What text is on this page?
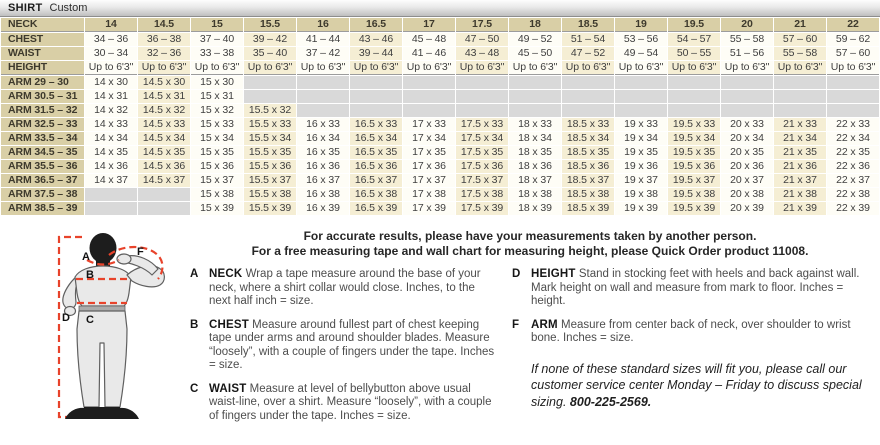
SHIRT Custom
NECK	14	14.5	15	15.5	16	16.5	17	17.5	18	18.5	19	19.5	20	21	22
CHEST	34 – 36	36 – 38	37 – 40	39 – 42	41 – 44	43 – 46	45 – 48	47 – 50	49 – 52	51 – 54	53 – 56	54 – 57	55 – 58	57 – 60	59 – 62
WAIST	30 – 34	32 – 36	33 – 38	35 – 40	37 – 42	39 – 44	41 – 46	43 – 48	45 – 50	47 – 52	49 – 54	50 – 55	51 – 56	55 – 58	57 – 60
HEIGHT	Up to 6'3"	Up to 6'3"	Up to 6'3"	Up to 6'3"	Up to 6'3"	Up to 6'3"	Up to 6'3"	Up to 6'3"	Up to 6'3"	Up to 6'3"	Up to 6'3"	Up to 6'3"	Up to 6'3"	Up to 6'3"	Up to 6'3"
ARM 29 – 30	14 x 30	14.5 x 30	15 x 30												
ARM 30.5 – 31	14 x 31	14.5 x 31	15 x 31												
ARM 31.5 – 32	14 x 32	14.5 x 32	15 x 32	15.5 x 32											
ARM 32.5 – 33	14 x 33	14.5 x 33	15 x 33	15.5 x 33	16 x 33	16.5 x 33	17 x 33	17.5 x 33	18 x 33	18.5 x 33	19 x 33	19.5 x 33	20 x 33	21 x 33	22 x 33
ARM 33.5 – 34	14 x 34	14.5 x 34	15 x 34	15.5 x 34	16 x 34	16.5 x 34	17 x 34	17.5 x 34	18 x 34	18.5 x 34	19 x 34	19.5 x 34	20 x 34	21 x 34	22 x 34
ARM 34.5 – 35	14 x 35	14.5 x 35	15 x 35	15.5 x 35	16 x 35	16.5 x 35	17 x 35	17.5 x 35	18 x 35	18.5 x 35	19 x 35	19.5 x 35	20 x 35	21 x 35	22 x 35
ARM 35.5 – 36	14 x 36	14.5 x 36	15 x 36	15.5 x 36	16 x 36	16.5 x 36	17 x 36	17.5 x 36	18 x 36	18.5 x 36	19 x 36	19.5 x 36	20 x 36	21 x 36	22 x 36
ARM 36.5 – 37	14 x 37	14.5 x 37	15 x 37	15.5 x 37	16 x 37	16.5 x 37	17 x 37	17.5 x 37	18 x 37	18.5 x 37	19 x 37	19.5 x 37	20 x 37	21 x 37	22 x 37
ARM 37.5 – 38			15 x 38	15.5 x 38	16 x 38	16.5 x 38	17 x 38	17.5 x 38	18 x 38	18.5 x 38	19 x 38	19.5 x 38	20 x 38	21 x 38	22 x 38
ARM 38.5 – 39			15 x 39	15.5 x 39	16 x 39	16.5 x 39	17 x 39	17.5 x 39	18 x 39	18.5 x 39	19 x 39	19.5 x 39	20 x 39	21 x 39	22 x 39
A
B
F
D C

For accurate results, please have your measurements taken by another person.

For a free measuring tape and wall chart for measuring height, please Quick Order product 11008.

A NECK Wrap a tape measure around the base of your neck, where a shirt collar would close. Inches, to the next half inch = size.

B CHEST Measure around fullest part of chest keeping tape under arms and around shoulder blades. Measure “loosely”, with a couple of fingers under the tape. Inches = size.

C WAIST Measure at level of bellybutton above usual waist-line, over a shirt. Measure “loosely”, with a couple of fingers under the tape. Inches = size.

D HEIGHT Stand in stocking feet with heels and back against wall. Mark height on wall and measure from mark to floor. Inches = height.

F	ARM Measure from center back of neck, over shoulder to wrist bone. Inches = size.

If none of these standard sizes will fit you, please call our customer service center Monday – Friday to discuss special sizing. 800-225-2569.
